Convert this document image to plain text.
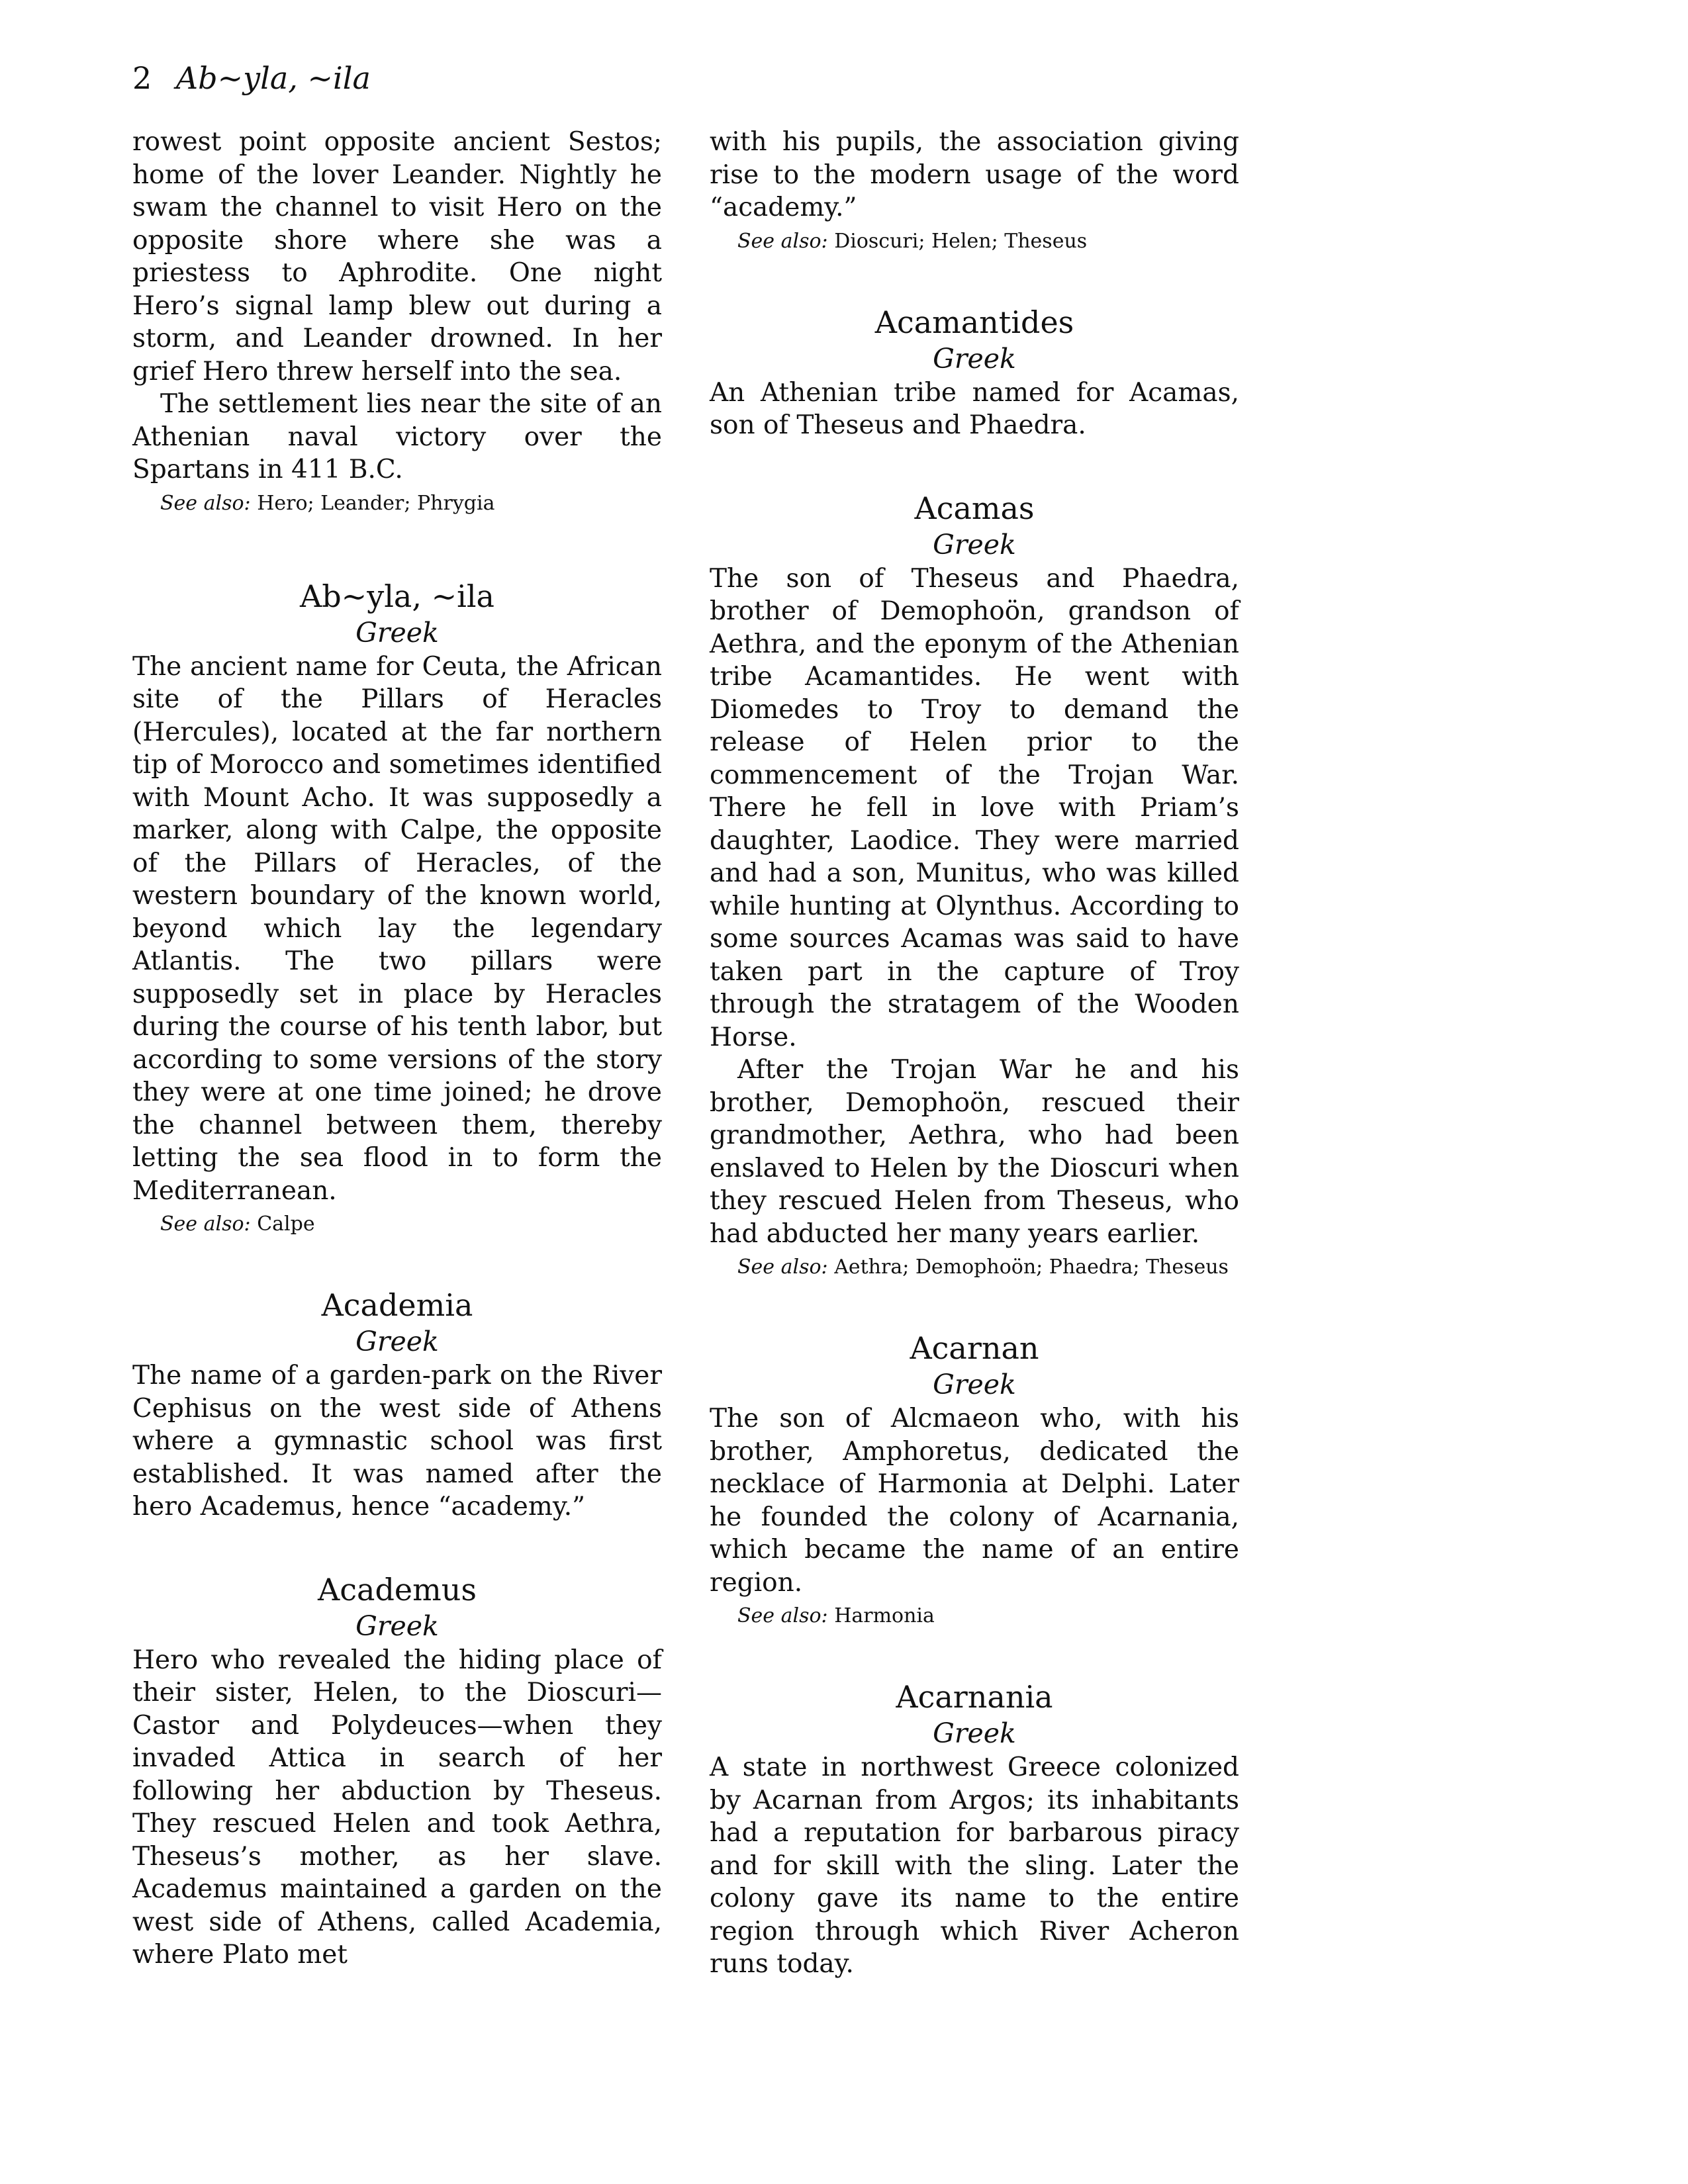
2 Ab~yla, ~ila

rowest point opposite ancient Sestos; home of the lover Leander. Nightly he swam the channel to visit Hero on the opposite shore where she was a priestess to Aphrodite. One night Hero’s signal lamp blew out during a storm, and Leander drowned. In her grief Hero threw herself into the sea.

The settlement lies near the site of an Athenian naval victory over the Spartans in 411 B.C.

See also: Hero; Leander; Phrygia
Ab~yla, ~ila
Greek

The ancient name for Ceuta, the African site of the Pillars of Heracles (Hercules), located at the far northern tip of Morocco and sometimes identified with Mount Acho. It was supposedly a marker, along with Calpe, the opposite of the Pillars of Heracles, of the western boundary of the known world, beyond which lay the legendary Atlantis. The two pillars were supposedly set in place by Heracles during the course of his tenth labor, but according to some versions of the story they were at one time joined; he drove the channel between them, thereby letting the sea flood in to form the Mediterranean.

See also: Calpe
Academia
Greek

The name of a garden-park on the River Cephisus on the west side of Athens where a gymnastic school was first established. It was named after the hero Academus, hence “academy.”

Academus
Greek

Hero who revealed the hiding place of their sister, Helen, to the Dioscuri—Castor and Polydeuces—when they invaded Attica in search of her following her abduction by Theseus. They rescued Helen and took Aethra, Theseus’s mother, as her slave. Academus maintained a garden on the west side of Athens, called Academia, where Plato met

with his pupils, the association giving rise to the modern usage of the word “academy.”

See also: Dioscuri; Helen; Theseus
Acamantides
Greek

An Athenian tribe named for Acamas, son of Theseus and Phaedra.

Acamas
Greek

The son of Theseus and Phaedra, brother of Demophoön, grandson of Aethra, and the eponym of the Athenian tribe Acamantides. He went with Diomedes to Troy to demand the release of Helen prior to the commencement of the Trojan War. There he fell in love with Priam’s daughter, Laodice. They were married and had a son, Munitus, who was killed while hunting at Olynthus. According to some sources Acamas was said to have taken part in the capture of Troy through the stratagem of the Wooden Horse.

After the Trojan War he and his brother, Demophoön, rescued their grandmother, Aethra, who had been enslaved to Helen by the Dioscuri when they rescued Helen from Theseus, who had abducted her many years earlier.

See also: Aethra; Demophoön; Phaedra; Theseus
Acarnan
Greek

The son of Alcmaeon who, with his brother, Amphoretus, dedicated the necklace of Harmonia at Delphi. Later he founded the colony of Acarnania, which became the name of an entire region.

See also: Harmonia
Acarnania
Greek

A state in northwest Greece colonized by Acarnan from Argos; its inhabitants had a reputation for barbarous piracy and for skill with the sling. Later the colony gave its name to the entire region through which River Acheron runs today.
